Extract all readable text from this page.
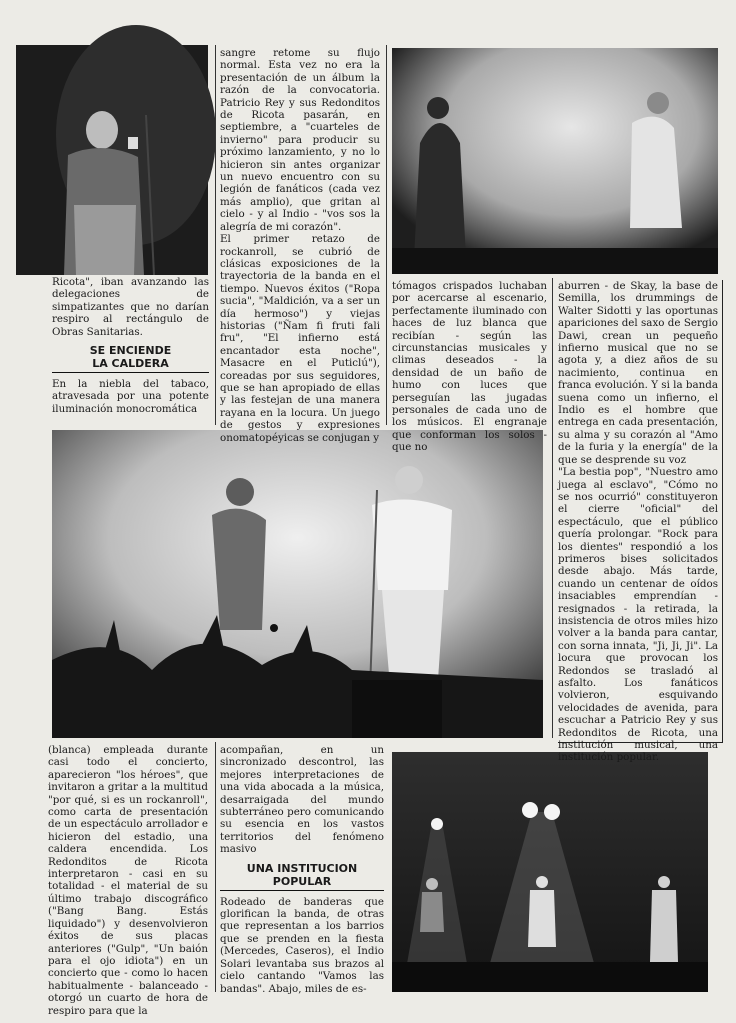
Ricota", iban avanzando las delegaciones de simpatizantes que no darían respiro al rectángulo de Obras Sanitarias.

SE ENCIENDE
LA CALDERA

En la niebla del tabaco, atravesada por una potente iluminación monocromática

sangre retome su flujo normal. Esta vez no era la presentación de un álbum la razón de la convocatoria. Patricio Rey y sus Redonditos de Ricota pasarán, en septiembre, a "cuarteles de invierno" para producir su próximo lanzamiento, y no lo hicieron sin antes organizar un nuevo encuentro con su legión de fanáticos (cada vez más amplio), que gritan al cielo - y al Indio - "vos sos la alegría de mi corazón".

El primer retazo de rockanroll, se cubrió de clásicas exposiciones de la trayectoria de la banda en el tiempo. Nuevos éxitos ("Ropa sucia", "Maldición, va a ser un día hermoso") y viejas historias ("Ñam fi fruti fali fru", "El infierno está encantador esta noche", Masacre en el Puticlú"), coreadas por sus seguidores, que se han apropiado de ellas y las festejan de una manera rayana en la locura. Un juego de gestos y expresiones onomatopéyicas se conjugan y

tómagos crispados luchaban por acercarse al escenario, perfectamente iluminado con haces de luz blanca que recibían - según las circunstancias musicales y climas deseados - la densidad de un baño de humo con luces que perseguían las jugadas personales de cada uno de los músicos. El engranaje que conforman los solos - que no

aburren - de Skay, la base de Semilla, los drummings de Walter Sidotti y las oportunas apariciones del saxo de Sergio Dawi, crean un pequeño infierno musical que no se agota y, a diez años de su nacimiento, continua en franca evolución. Y si la banda suena como un infierno, el Indio es el hombre que entrega en cada presentación, su alma y su corazón al "Amo de la furia y la energía" de la que se desprende su voz

"La bestia pop", "Nuestro amo juega al esclavo", "Cómo no se nos ocurrió" constituyeron el cierre "oficial" del espectáculo, que el público quería prolongar. "Rock para los dientes" respondió a los primeros bises solicitados desde abajo. Más tarde, cuando un centenar de oídos insaciables emprendían - resignados - la retirada, la insistencia de otros miles hizo volver a la banda para cantar, con sorna innata, "Ji, Ji, Ji". La locura que provocan los Redondos se trasladó al asfalto. Los fanáticos volvieron, esquivando velocidades de avenida, para escuchar a Patricio Rey y sus Redonditos de Ricota, una institución musical, una institución popular.

(blanca) empleada durante casi todo el concierto, aparecieron "los héroes", que invitaron a gritar a la multitud "por qué, si es un rockanroll", como carta de presentación de un espectáculo arrollador e hicieron del estadio, una caldera encendida. Los Redonditos de Ricota interpretaron - casi en su totalidad - el material de su último trabajo discográfico ("Bang Bang. Estás liquidado") y desenvolvieron éxitos de sus placas anteriores ("Gulp", "Un baión para el ojo idiota") en un concierto que - como lo hacen habitualmente - balanceado - otorgó un cuarto de hora de respiro para que la

acompañan, en un sincronizado descontrol, las mejores interpretaciones de una vida abocada a la música, desarraigada del mundo subterráneo pero comunicando su esencia en los vastos territorios del fenómeno masivo

UNA INSTITUCION
POPULAR

Rodeado de banderas que glorifican la banda, de otras que representan a los barrios que se prenden en la fiesta (Mercedes, Caseros), el Indio Solari levantaba sus brazos al cielo cantando "Vamos las bandas". Abajo, miles de es-
